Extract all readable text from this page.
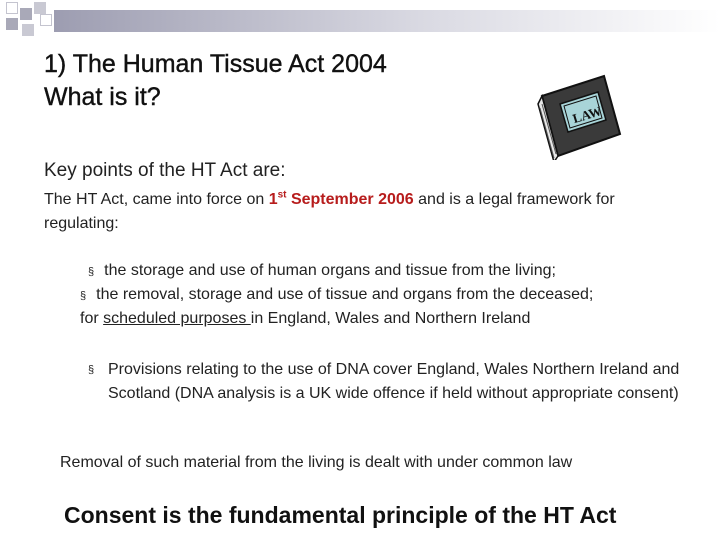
1) The Human Tissue Act 2004
What is it?
LAW

Key points of the HT Act are:

The HT Act, came into force on 1st September 2006 and is a legal framework for regulating:

§ the storage and use of human organs and tissue from the living;

§ the removal, storage and use of tissue and organs from the deceased;

for scheduled purposes in England, Wales and Northern Ireland

§ Provisions relating to the use of DNA cover England, Wales Northern Ireland and Scotland (DNA analysis is a UK wide offence if held without appropriate consent)

Removal of such material from the living is dealt with under common law

Consent is the fundamental principle of the HT Act
